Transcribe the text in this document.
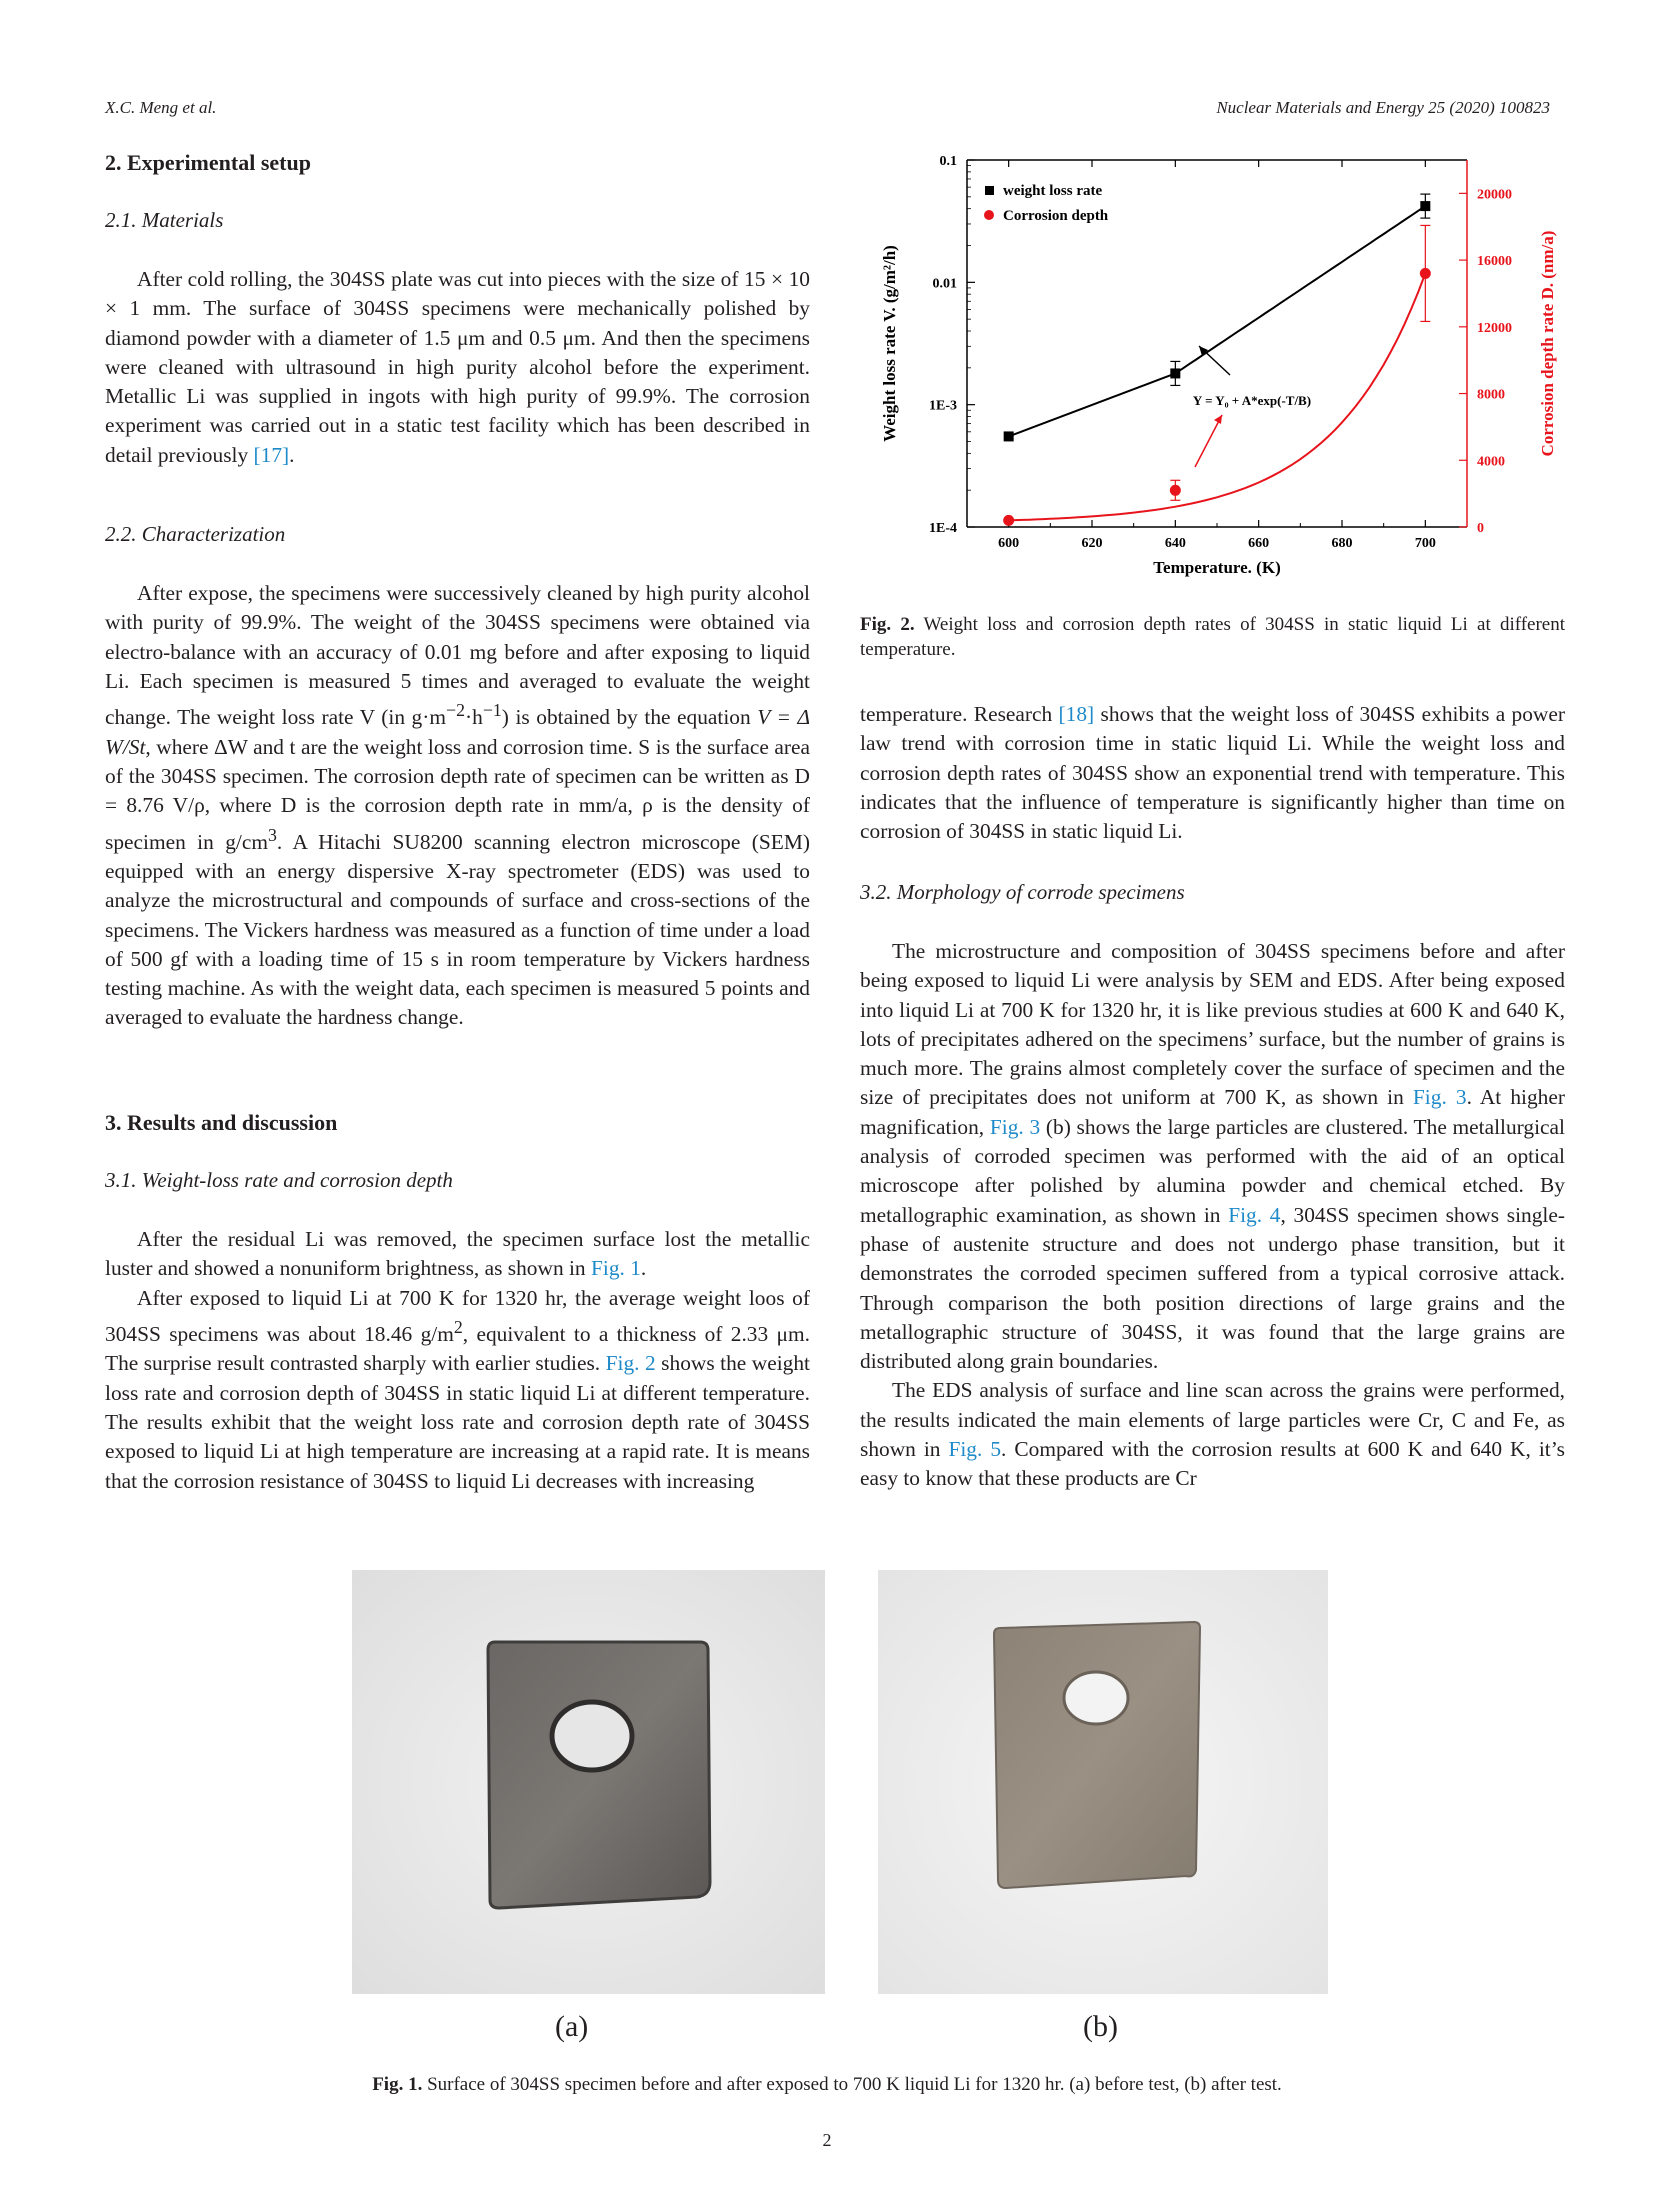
X.C. Meng et al.	Nuclear Materials and Energy 25 (2020) 100823
2. Experimental setup
2.1. Materials

After cold rolling, the 304SS plate was cut into pieces with the size of 15 × 10 × 1 mm. The surface of 304SS specimens were mechanically polished by diamond powder with a diameter of 1.5 μm and 0.5 μm. And then the specimens were cleaned with ultrasound in high purity alcohol before the experiment. Metallic Li was supplied in ingots with high purity of 99.9%. The corrosion experiment was carried out in a static test facility which has been described in detail previously [17].

2.2. Characterization

After expose, the specimens were successively cleaned by high purity alcohol with purity of 99.9%. The weight of the 304SS specimens were obtained via electro-balance with an accuracy of 0.01 mg before and after exposing to liquid Li. Each specimen is measured 5 times and averaged to evaluate the weight change. The weight loss rate V (in $g\cdot m^{-2}\cdot h^{-1}$) is obtained by the equation V = Δ W/St, where ΔW and t are the weight loss and corrosion time. S is the surface area of the 304SS specimen. The corrosion depth rate of specimen can be written as D = 8.76 V/ρ, where D is the corrosion depth rate in mm/a, ρ is the density of specimen in $g/cm^3$. A Hitachi SU8200 scanning electron microscope (SEM) equipped with an energy dispersive X-ray spectrometer (EDS) was used to analyze the microstructural and compounds of surface and cross-sections of the specimens. The Vickers hardness was measured as a function of time under a load of 500 gf with a loading time of 15 s in room temperature by Vickers hardness testing machine. As with the weight data, each specimen is measured 5 points and averaged to evaluate the hardness change.

3. Results and discussion
3.1. Weight-loss rate and corrosion depth

After the residual Li was removed, the specimen surface lost the metallic luster and showed a nonuniform brightness, as shown in Fig. 1.

After exposed to liquid Li at 700 K for 1320 hr, the average weight loos of 304SS specimens was about 18.46 $g/m^2$, equivalent to a thickness of 2.33 μm. The surprise result contrasted sharply with earlier studies. Fig. 2 shows the weight loss rate and corrosion depth of 304SS in static liquid Li at different temperature. The results exhibit that the weight loss rate and corrosion depth rate of 304SS exposed to liquid Li at high temperature are increasing at a rapid rate. It is means that the corrosion resistance of 304SS to liquid Li decreases with increasing

600	620	640	660	680	700
0.1
0.01
1E-3
1E-4	0
4000
8000
12000
16000
20000
Temperature. (K)
Weight loss rate V. (g/m²/h)	Corrosion depth rate D. (nm/a)
weight loss rate
Corrosion depth
Y = Y₀ + A*exp(-T/B)
Fig. 2. Weight loss and corrosion depth rates of 304SS in static liquid Li at different temperature.

temperature. Research [18] shows that the weight loss of 304SS exhibits a power law trend with corrosion time in static liquid Li. While the weight loss and corrosion depth rates of 304SS show an exponential trend with temperature. This indicates that the influence of temperature is significantly higher than time on corrosion of 304SS in static liquid Li.

3.2. Morphology of corrode specimens

The microstructure and composition of 304SS specimens before and after being exposed to liquid Li were analysis by SEM and EDS. After being exposed into liquid Li at 700 K for 1320 hr, it is like previous studies at 600 K and 640 K, lots of precipitates adhered on the specimens’ surface, but the number of grains is much more. The grains almost completely cover the surface of specimen and the size of precipitates does not uniform at 700 K, as shown in Fig. 3. At higher magnification, Fig. 3 (b) shows the large particles are clustered. The metallurgical analysis of corroded specimen was performed with the aid of an optical microscope after polished by alumina powder and chemical etched. By metallographic examination, as shown in Fig. 4, 304SS specimen shows single-phase of austenite structure and does not undergo phase transition, but it demonstrates the corroded specimen suffered from a typical corrosive attack. Through comparison the both position directions of large grains and the metallographic structure of 304SS, it was found that the large grains are distributed along grain boundaries.

The EDS analysis of surface and line scan across the grains were performed, the results indicated the main elements of large particles were Cr, C and Fe, as shown in Fig. 5. Compared with the corrosion results at 600 K and 640 K, it’s easy to know that these products are Cr

(a)	(b)
Fig. 1. Surface of 304SS specimen before and after exposed to 700 K liquid Li for 1320 hr. (a) before test, (b) after test.
2
